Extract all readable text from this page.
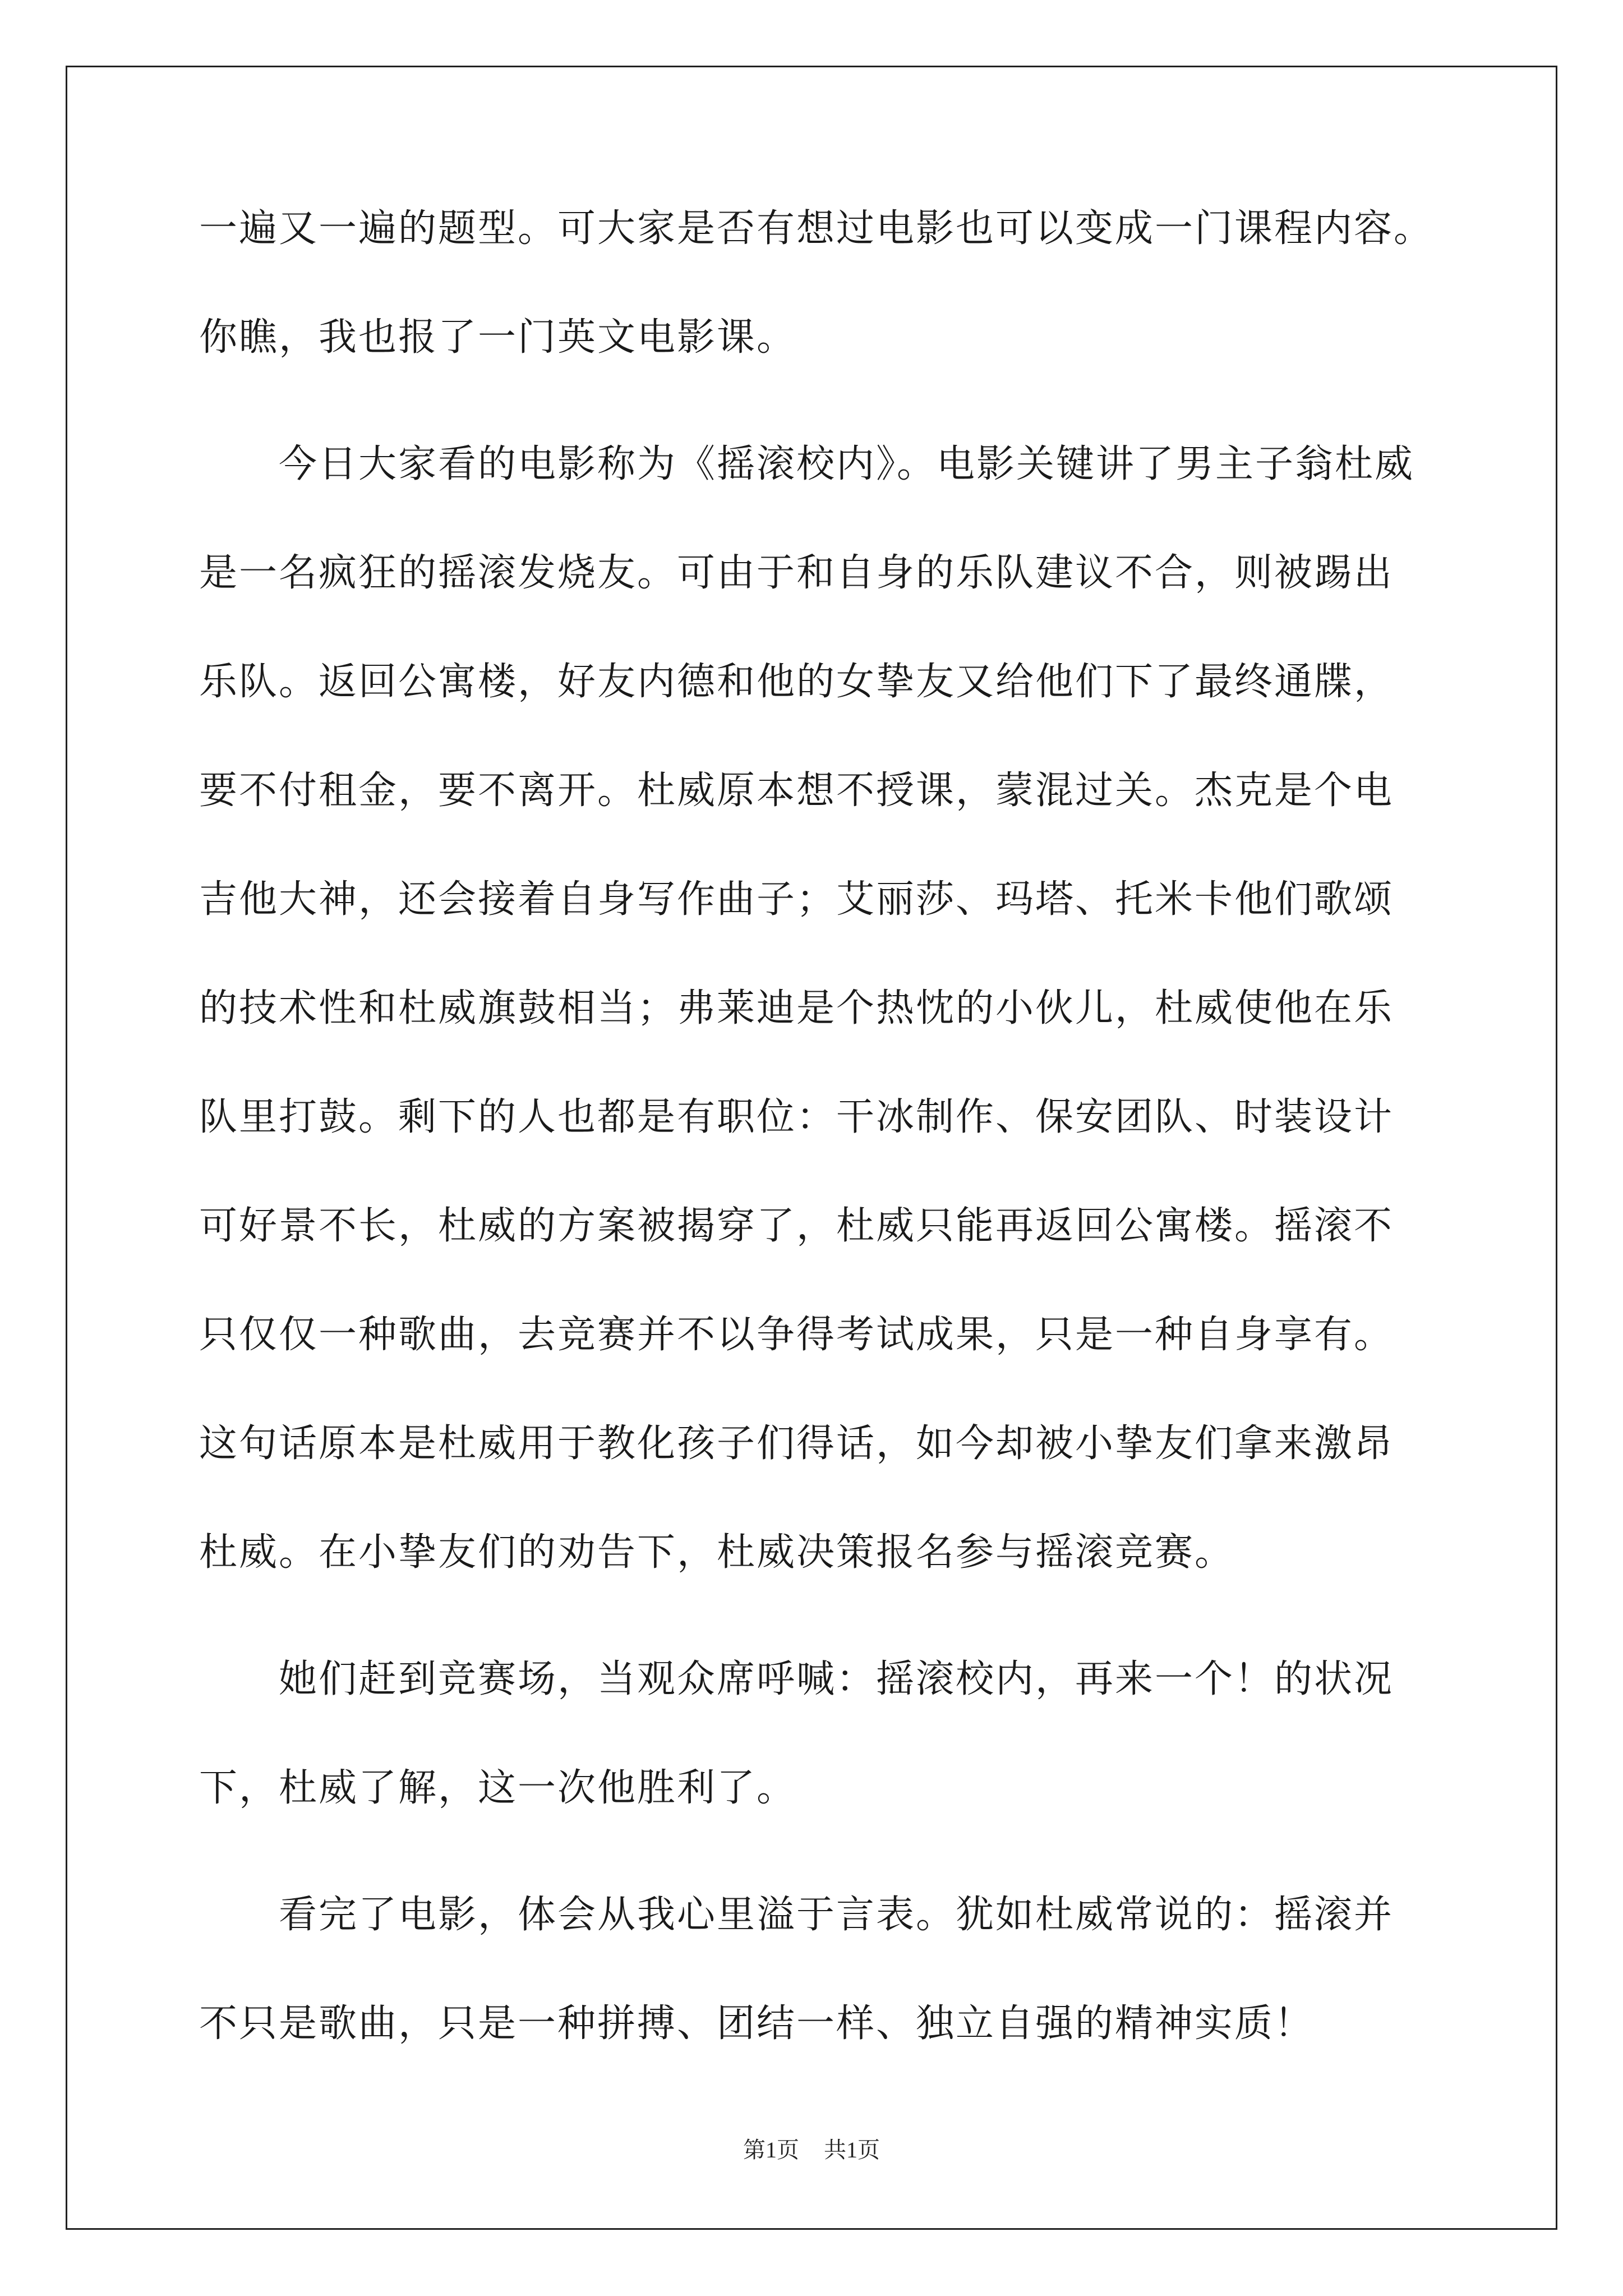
一遍又一遍的题型。可大家是否有想过电影也可以变成一门课程内容。
你瞧，我也报了一门英文电影课。
今日大家看的电影称为《摇滚校内》。电影关键讲了男主子翁杜威
是一名疯狂的摇滚发烧友。可由于和自身的乐队建议不合，则被踢出
乐队。返回公寓楼，好友内德和他的女挚友又给他们下了最终通牒，
要不付租金，要不离开。杜威原本想不授课，蒙混过关。杰克是个电
吉他大神，还会接着自身写作曲子；艾丽莎、玛塔、托米卡他们歌颂
的技术性和杜威旗鼓相当；弗莱迪是个热忱的小伙儿，杜威使他在乐
队里打鼓。剩下的人也都是有职位：干冰制作、保安团队、时装设计
可好景不长，杜威的方案被揭穿了，杜威只能再返回公寓楼。摇滚不
只仅仅一种歌曲，去竞赛并不以争得考试成果，只是一种自身享有。
这句话原本是杜威用于教化孩子们得话，如今却被小挚友们拿来激昂
杜威。在小挚友们的劝告下，杜威决策报名参与摇滚竞赛。
她们赶到竞赛场，当观众席呼喊：摇滚校内，再来一个！的状况
下，杜威了解，这一次他胜利了。
看完了电影，体会从我心里溢于言表。犹如杜威常说的：摇滚并
不只是歌曲，只是一种拼搏、团结一样、独立自强的精神实质！
第1页 共1页
